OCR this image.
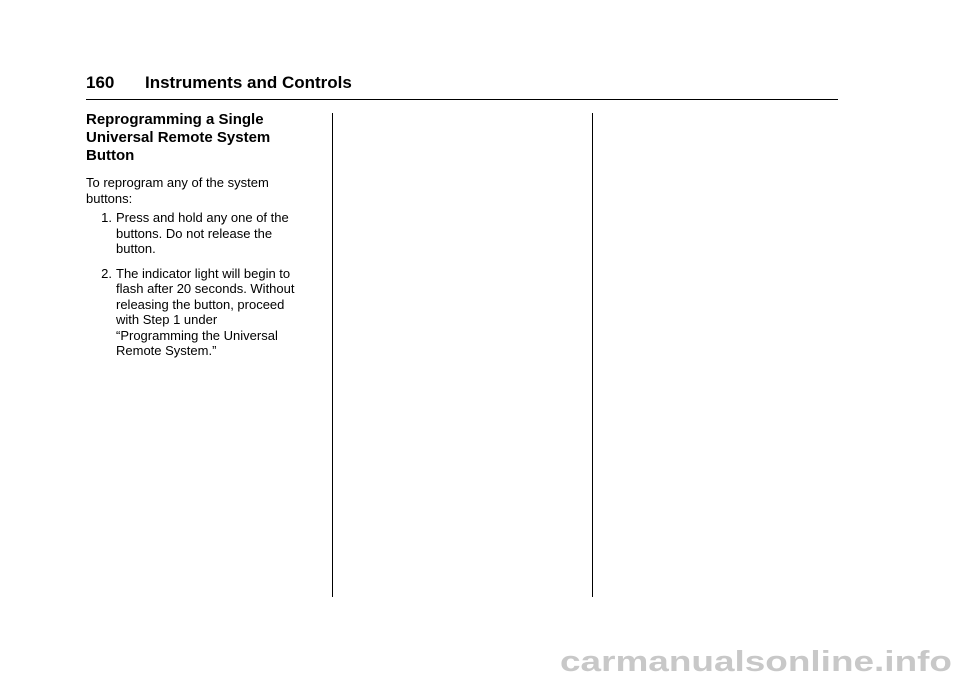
160 Instruments and Controls
Reprogramming a Single
Universal Remote System
Button

To reprogram any of the system
buttons:

1. Press and hold any one of the
buttons. Do not release the
button.
2. The indicator light will begin to
flash after 20 seconds. Without
releasing the button, proceed
with Step 1 under
“Programming the Universal
Remote System.”
carmanualsonline.info
